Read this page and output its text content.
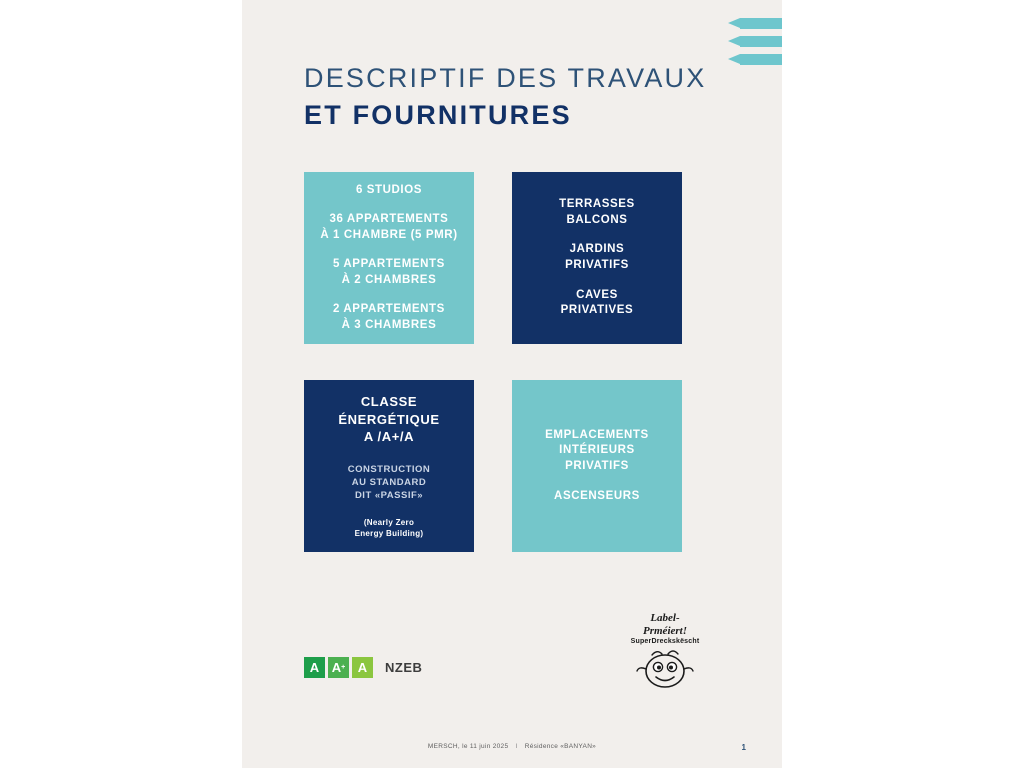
DESCRIPTIF DES TRAVAUX
ET FOURNITURES
6 STUDIOS
36 APPARTEMENTS
À 1 CHAMBRE (5 PMR)
5 APPARTEMENTS
À 2 CHAMBRES
2 APPARTEMENTS
À 3 CHAMBRES
TERRASSES
BALCONS
JARDINS
PRIVATIFS
CAVES
PRIVATIVES
CLASSE
ÉNERGÉTIQUE
A /A+/A
CONSTRUCTION
AU STANDARD
DIT «PASSIF»
(Nearly Zero
Energy Building)
EMPLACEMENTS
INTÉRIEURS
PRIVATIFS
ASCENSEURS
A A + A	NZEB
Label-
Prméiert!
SuperDreckskëscht
MERSCH, le 11 juin 2025 I Résidence «BANYAN»	1
